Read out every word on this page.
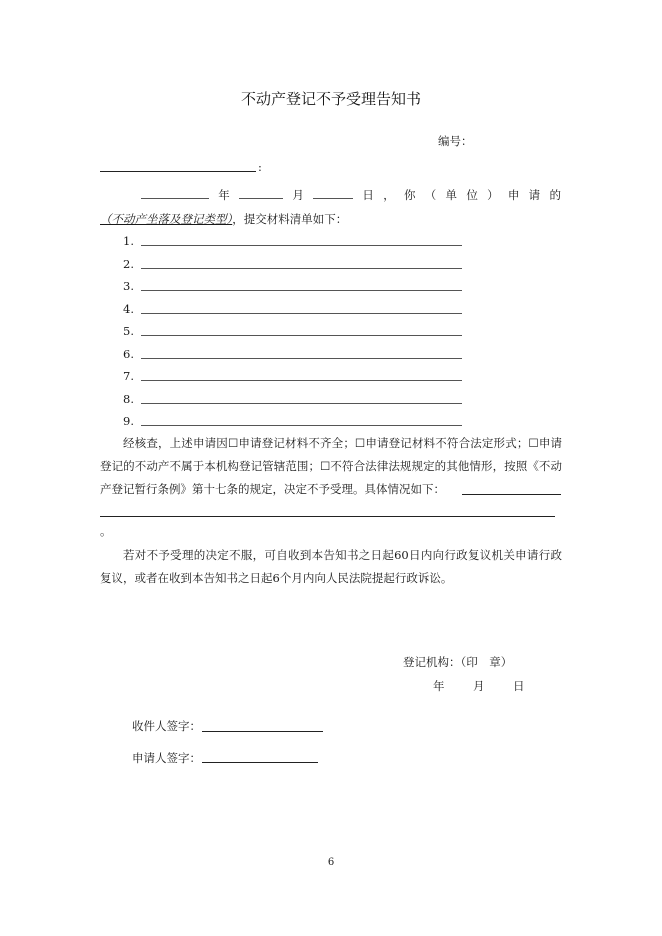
不动产登记不予受理告知书
编号：
:
年	月	日 ， 你 （ 单 位 ） 申 请 的
（不动产坐落及登记类型），提交材料清单如下：
1.
2.
3.
4.
5.
6.
7.
8.
9.
经核查，上述申请因☐申请登记材料不齐全；☐申请登记材料不符合法定形式；☐申请登记的不动产不属于本机构登记管辖范围；☐不符合法律法规规定的其他情形，按照《不动产登记暂行条例》第十七条的规定，决定不予受理。具体情况如下：
。
若对不予受理的决定不服，可自收到本告知书之日起60日内向行政复议机关申请行政复议，或者在收到本告知书之日起6个月内向人民法院提起行政诉讼。
登记机构：（印　章）
年 月 日
收件人签字：
申请人签字：
6
